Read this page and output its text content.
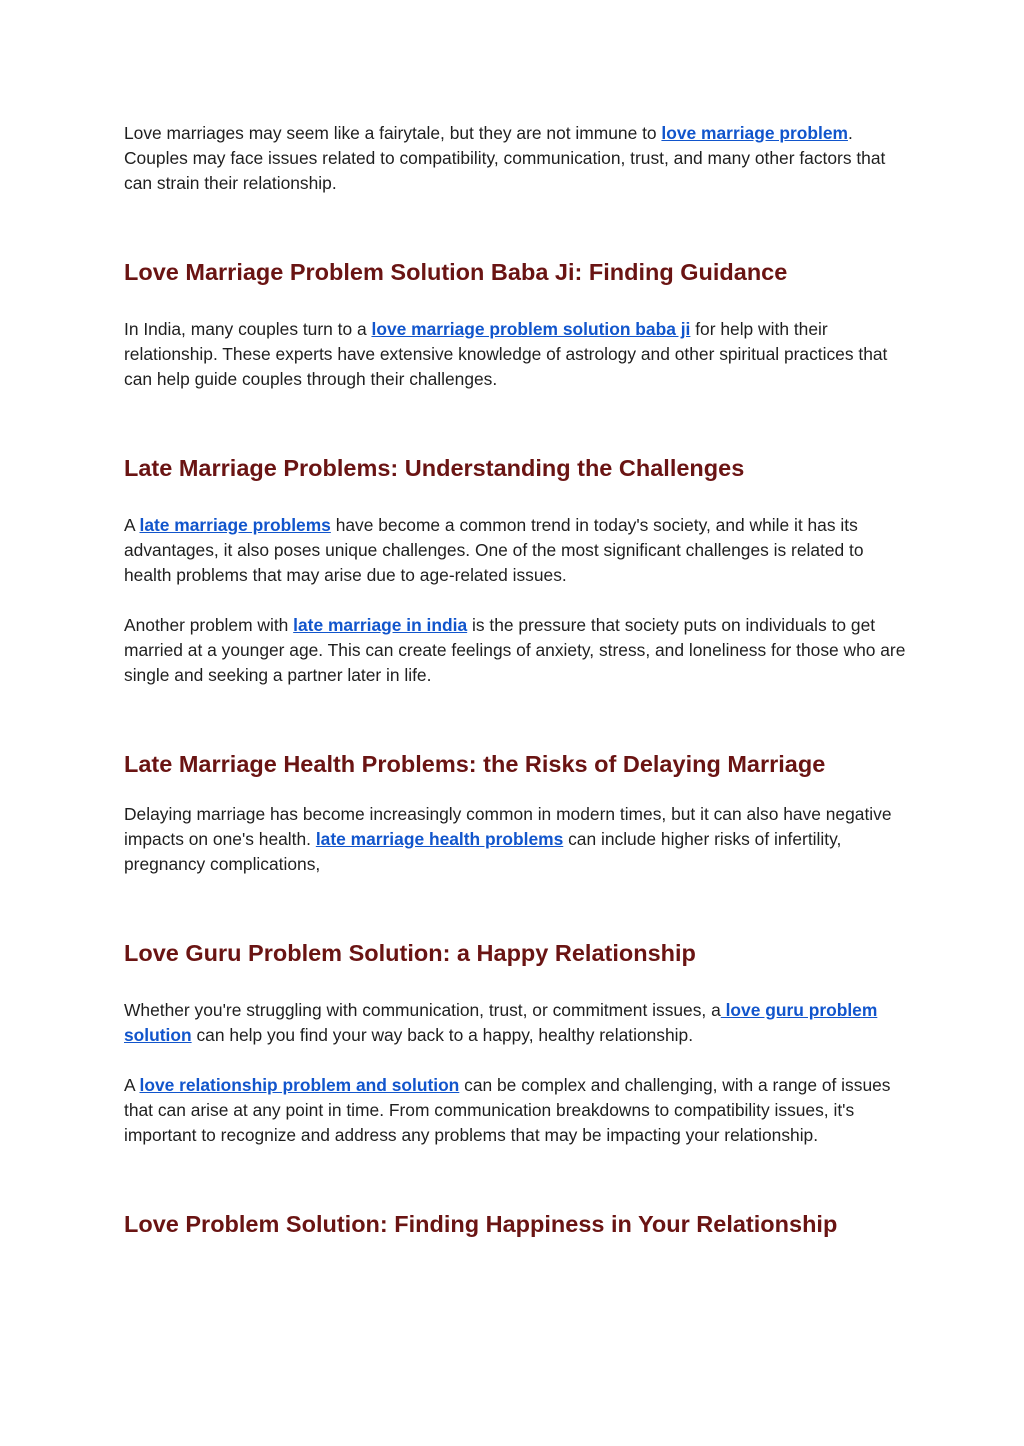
Love marriages may seem like a fairytale, but they are not immune to love marriage problem. Couples may face issues related to compatibility, communication, trust, and many other factors that can strain their relationship.

Love Marriage Problem Solution Baba Ji: Finding Guidance

In India, many couples turn to a love marriage problem solution baba ji for help with their relationship. These experts have extensive knowledge of astrology and other spiritual practices that can help guide couples through their challenges.

Late Marriage Problems: Understanding the Challenges

A late marriage problems have become a common trend in today's society, and while it has its advantages, it also poses unique challenges. One of the most significant challenges is related to health problems that may arise due to age-related issues.

Another problem with late marriage in india is the pressure that society puts on individuals to get married at a younger age. This can create feelings of anxiety, stress, and loneliness for those who are single and seeking a partner later in life.

Late Marriage Health Problems: the Risks of Delaying Marriage

Delaying marriage has become increasingly common in modern times, but it can also have negative impacts on one's health. late marriage health problems can include higher risks of infertility, pregnancy complications,

Love Guru Problem Solution: a Happy Relationship

Whether you're struggling with communication, trust, or commitment issues, a love guru problem solution can help you find your way back to a happy, healthy relationship.

A love relationship problem and solution can be complex and challenging, with a range of issues that can arise at any point in time. From communication breakdowns to compatibility issues, it's important to recognize and address any problems that may be impacting your relationship.

Love Problem Solution: Finding Happiness in Your Relationship
